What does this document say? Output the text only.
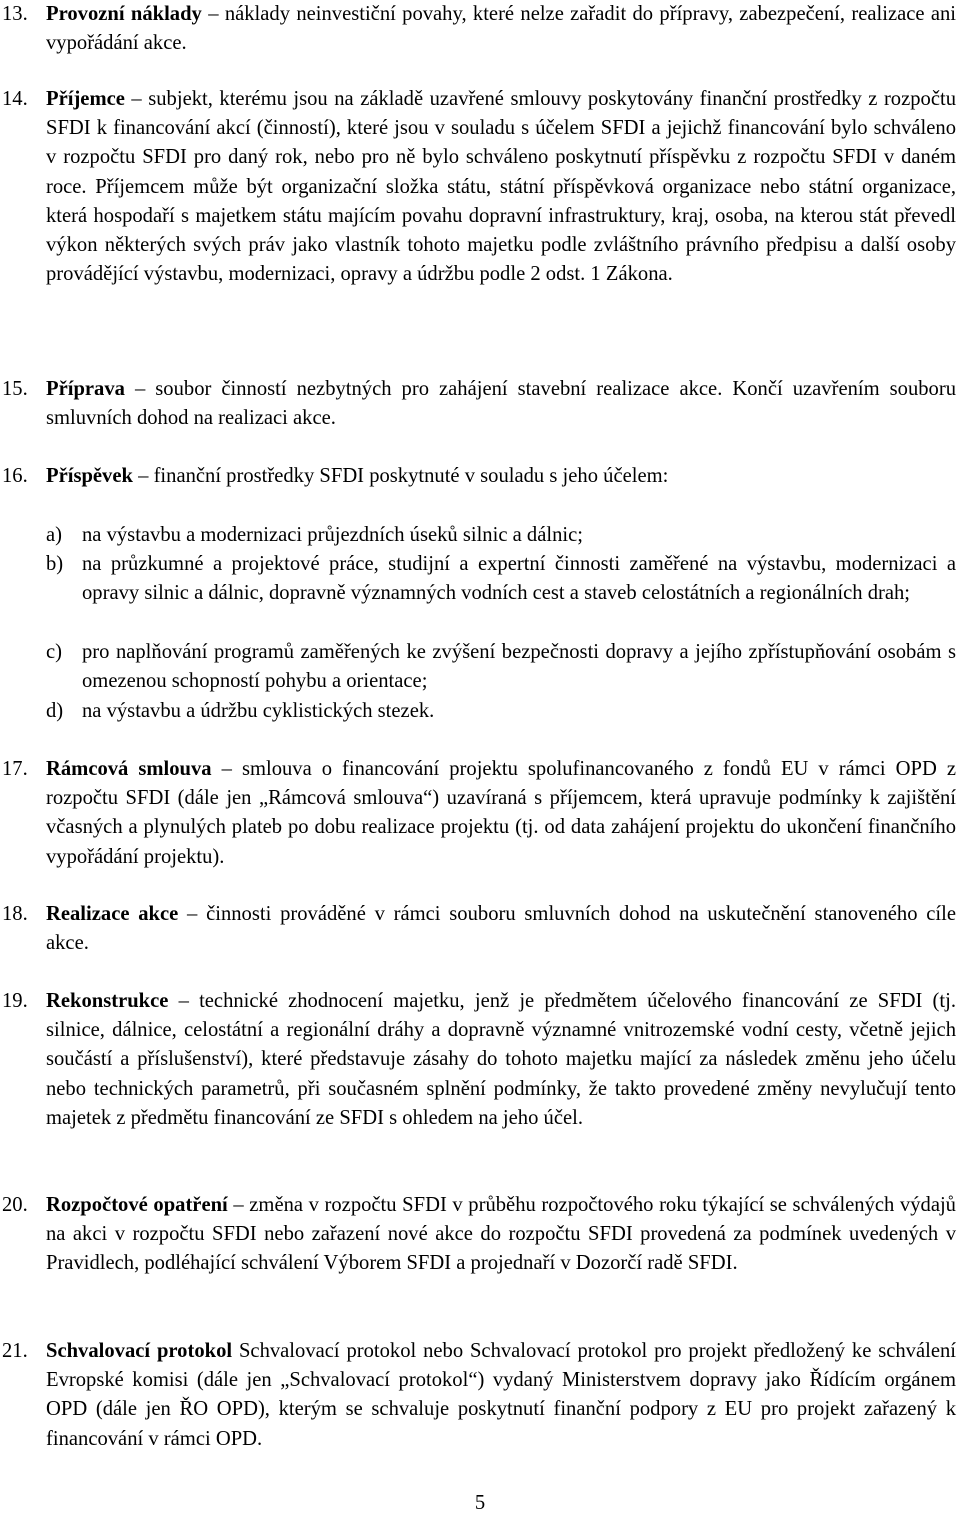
13. Provozní náklady – náklady neinvestiční povahy, které nelze zařadit do přípravy, zabezpečení, realizace ani vypořádání akce.
14. Příjemce – subjekt, kterému jsou na základě uzavřené smlouvy poskytovány finanční prostředky z rozpočtu SFDI k financování akcí (činností), které jsou v souladu s účelem SFDI a jejichž financování bylo schváleno v rozpočtu SFDI pro daný rok, nebo pro ně bylo schváleno poskytnutí příspěvku z rozpočtu SFDI v daném roce. Příjemcem může být organizační složka státu, státní příspěvková organizace nebo státní organizace, která hospodaří s majetkem státu majícím povahu dopravní infrastruktury, kraj, osoba, na kterou stát převedl výkon některých svých práv jako vlastník tohoto majetku podle zvláštního právního předpisu a další osoby provádějící výstavbu, modernizaci, opravy a údržbu podle 2 odst. 1 Zákona.
15. Příprava – soubor činností nezbytných pro zahájení stavební realizace akce. Končí uzavřením souboru smluvních dohod na realizaci akce.
16. Příspěvek – finanční prostředky SFDI poskytnuté v souladu s jeho účelem:
a) na výstavbu a modernizaci průjezdních úseků silnic a dálnic;
b) na průzkumné a projektové práce, studijní a expertní činnosti zaměřené na výstavbu, modernizaci a opravy silnic a dálnic, dopravně významných vodních cest a staveb celostátních a regionálních drah;
c) pro naplňování programů zaměřených ke zvýšení bezpečnosti dopravy a jejího zpřístupňování osobám s omezenou schopností pohybu a orientace;
d) na výstavbu a údržbu cyklistických stezek.
17. Rámcová smlouva – smlouva o financování projektu spolufinancovaného z fondů EU v rámci OPD z rozpočtu SFDI (dále jen „Rámcová smlouva“) uzavíraná s příjemcem, která upravuje podmínky k zajištění včasných a plynulých plateb po dobu realizace projektu (tj. od data zahájení projektu do ukončení finančního vypořádání projektu).
18. Realizace akce – činnosti prováděné v rámci souboru smluvních dohod na uskutečnění stanoveného cíle akce.
19. Rekonstrukce – technické zhodnocení majetku, jenž je předmětem účelového financování ze SFDI (tj. silnice, dálnice, celostátní a regionální dráhy a dopravně významné vnitrozemské vodní cesty, včetně jejich součástí a příslušenství), které představuje zásahy do tohoto majetku mající za následek změnu jeho účelu nebo technických parametrů, při současném splnění podmínky, že takto provedené změny nevylučují tento majetek z předmětu financování ze SFDI s ohledem na jeho účel.
20. Rozpočtové opatření – změna v rozpočtu SFDI v průběhu rozpočtového roku týkající se schválených výdajů na akci v rozpočtu SFDI nebo zařazení nové akce do rozpočtu SFDI provedená za podmínek uvedených v Pravidlech, podléhající schválení Výborem SFDI a projednaří v Dozorčí radě SFDI.
21. Schvalovací protokol Schvalovací protokol nebo Schvalovací protokol pro projekt předložený ke schválení Evropské komisi (dále jen „Schvalovací protokol“) vydaný Ministerstvem dopravy jako Řídícím orgánem OPD (dále jen ŘO OPD), kterým se schvaluje poskytnutí finanční podpory z EU pro projekt zařazený k financování v rámci OPD.
5
